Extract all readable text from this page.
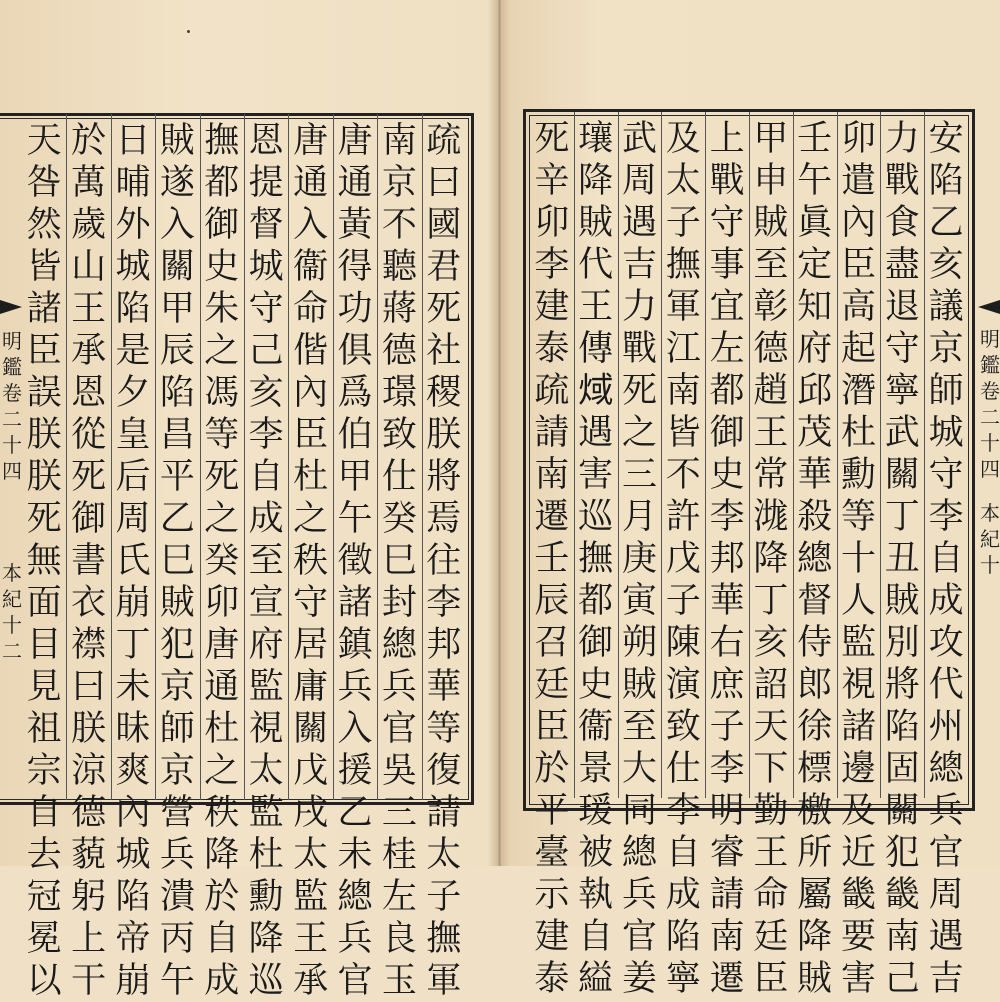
明
鑑
卷
二
十
四
本
紀
十
二
疏
曰
國
君
死
社
稷
朕
將
焉
往
李
邦
華
等
復
請
太
子
撫
軍
南
京
不
聽
蔣
德
璟
致
仕
癸
巳
封
總
兵
官
吳
三
桂
左
良
玉
唐
通
黃
得
功
俱
爲
伯
甲
午
徵
諸
鎮
兵
入
援
乙
未
總
兵
官
唐
通
入
衞
命
偕
內
臣
杜
之
秩
守
居
庸
關
戊
戌
太
監
王
承
恩
提
督
城
守
己
亥
李
自
成
至
宣
府
監
視
太
監
杜
勳
降
巡
撫
都
御
史
朱
之
馮
等
死
之
癸
卯
唐
通
杜
之
秩
降
於
自
成
賊
遂
入
關
甲
辰
陷
昌
平
乙
巳
賊
犯
京
師
京
營
兵
潰
丙
午
日
晡
外
城
陷
是
夕
皇
后
周
氏
崩
丁
未
昧
爽
內
城
陷
帝
崩
於
萬
歲
山
王
承
恩
從
死
御
書
衣
襟
曰
朕
涼
德
藐
躬
上
干
天
咎
然
皆
諸
臣
誤
朕
朕
死
無
面
目
見
祖
宗
自
去
冠
冕
以
明
鑑
卷
二
十
四
本
紀
十
安
陷
乙
亥
議
京
師
城
守
李
自
成
攻
代
州
總
兵
官
周
遇
吉
力
戰
食
盡
退
守
寧
武
關
丁
丑
賊
別
將
陷
固
關
犯
畿
南
己
卯
遣
內
臣
高
起
潛
杜
勳
等
十
人
監
視
諸
邊
及
近
畿
要
害
壬
午
眞
定
知
府
邱
茂
華
殺
總
督
侍
郎
徐
標
檄
所
屬
降
賊
甲
申
賊
至
彰
德
趙
王
常
㴳
降
丁
亥
詔
天
下
勤
王
命
廷
臣
上
戰
守
事
宜
左
都
御
史
李
邦
華
右
庶
子
李
明
睿
請
南
遷
及
太
子
撫
軍
江
南
皆
不
許
戊
子
陳
演
致
仕
李
自
成
陷
寧
武
周
遇
吉
力
戰
死
之
三
月
庚
寅
朔
賊
至
大
同
總
兵
官
姜
瓖
降
賊
代
王
傳
𤊨
遇
害
巡
撫
都
御
史
衞
景
瑗
被
執
自
縊
死
辛
卯
李
建
泰
疏
請
南
遷
壬
辰
召
廷
臣
於
平
臺
示
建
泰
